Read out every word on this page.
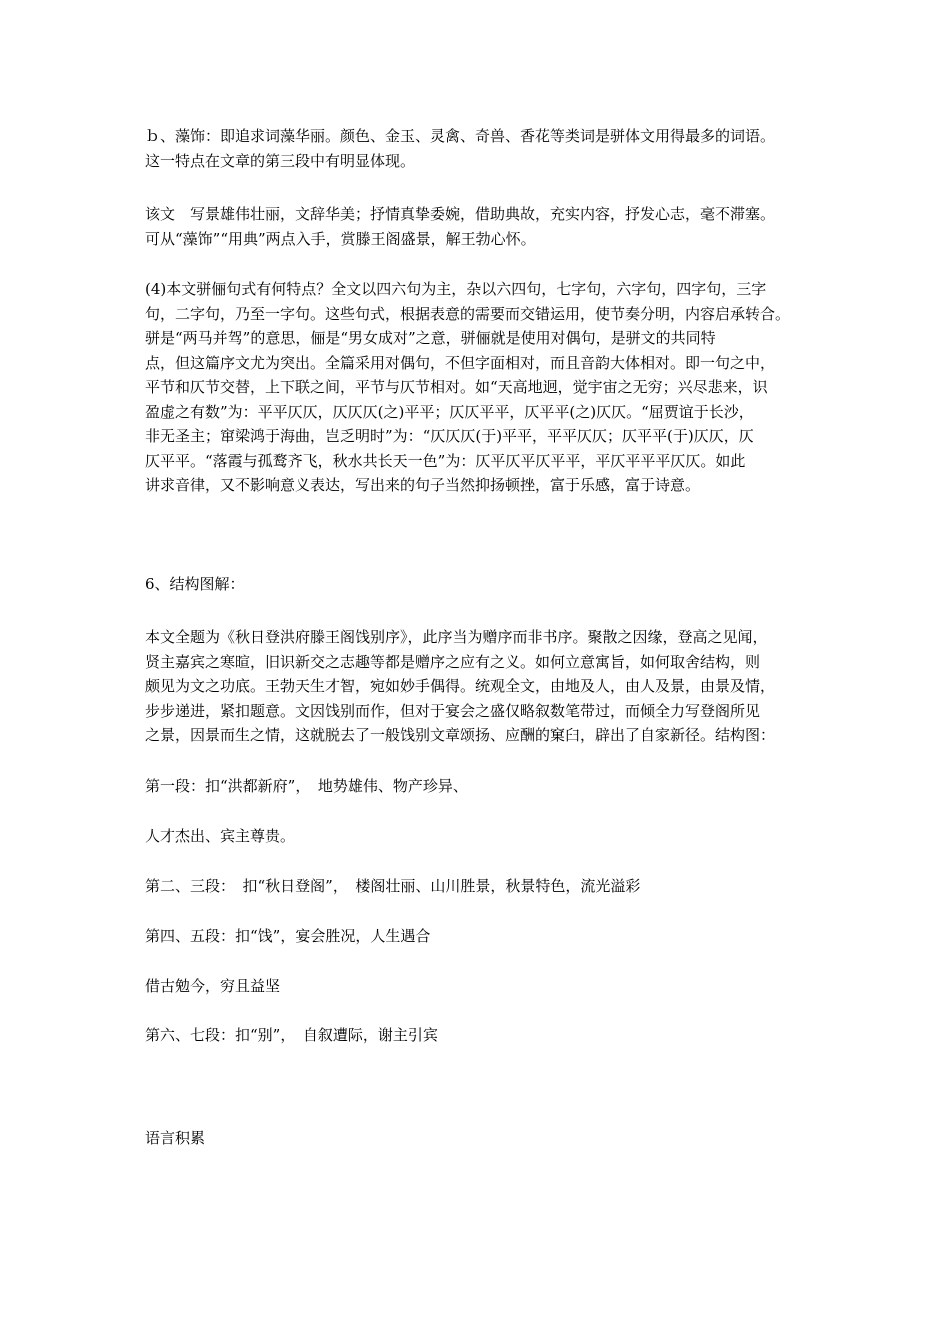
ｂ、藻饰：即追求词藻华丽。颜色、金玉、灵禽、奇兽、香花等类词是骈体文用得最多的词语。
这一特点在文章的第三段中有明显体现。
该文　写景雄伟壮丽，文辞华美；抒情真挚委婉，借助典故，充实内容，抒发心志，毫不滞塞。
可从“藻饰”“用典”两点入手，赏滕王阁盛景，解王勃心怀。
(4)本文骈俪句式有何特点？全文以四六句为主，杂以六四句，七字句，六字句，四字句，三字
句，二字句，乃至一字句。这些句式，根据表意的需要而交错运用，使节奏分明，内容启承转合。
骈是“两马并驾”的意思，俪是“男女成对”之意，骈俪就是使用对偶句，是骈文的共同特
点，但这篇序文尤为突出。全篇采用对偶句，不但字面相对，而且音韵大体相对。即一句之中，
平节和仄节交替，上下联之间，平节与仄节相对。如“天高地迥，觉宇宙之无穷；兴尽悲来，识
盈虚之有数”为：平平仄仄，仄仄仄(之)平平；仄仄平平，仄平平(之)仄仄。“屈贾谊于长沙，
非无圣主；窜梁鸿于海曲，岂乏明时”为：“仄仄仄(于)平平，平平仄仄；仄平平(于)仄仄，仄
仄平平。“落霞与孤鹜齐飞，秋水共长天一色”为：仄平仄平仄平平，平仄平平平仄仄。如此
讲求音律，又不影响意义表达，写出来的句子当然抑扬顿挫，富于乐感，富于诗意。
6、结构图解：
本文全题为《秋日登洪府滕王阁饯别序》，此序当为赠序而非书序。聚散之因缘，登高之见闻，
贤主嘉宾之寒暄，旧识新交之志趣等都是赠序之应有之义。如何立意寓旨，如何取舍结构，则
颇见为文之功底。王勃天生才智，宛如妙手偶得。统观全文，由地及人，由人及景，由景及情，
步步递进，紧扣题意。文因饯别而作，但对于宴会之盛仅略叙数笔带过，而倾全力写登阁所见
之景，因景而生之情，这就脱去了一般饯别文章颂扬、应酬的窠臼，辟出了自家新径。结构图：
第一段：扣“洪都新府”，　地势雄伟、物产珍异、
人才杰出、宾主尊贵。
第二、三段：　扣“秋日登阁”，　楼阁壮丽、山川胜景，秋景特色，流光溢彩
第四、五段：扣“饯”，宴会胜况，人生遇合
借古勉今，穷且益坚
第六、七段：扣“别”，　自叙遭际，谢主引宾
语言积累
